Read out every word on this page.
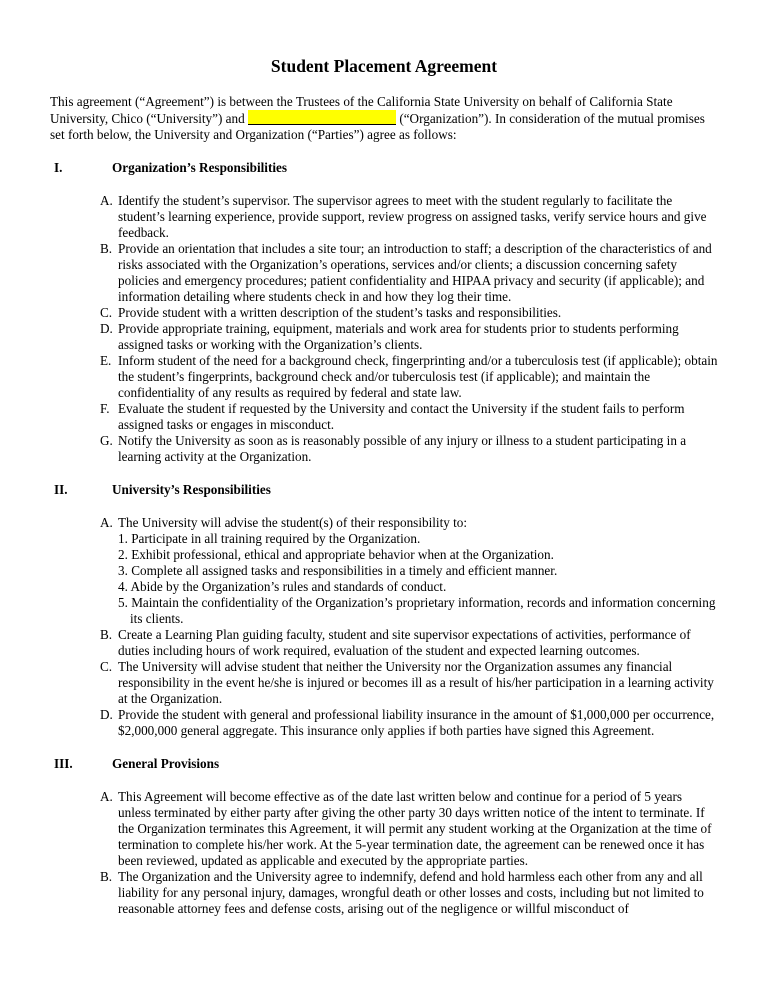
Student Placement Agreement

This agreement (“Agreement”) is between the Trustees of the California State University on behalf of California State University, Chico (“University”) and	(“Organization”). In consideration of the mutual promises set forth below, the University and Organization (“Parties”) agree as follows:

I.	Organization’s Responsibilities
A. Identify the student’s supervisor. The supervisor agrees to meet with the student regularly to facilitate the student’s learning experience, provide support, review progress on assigned tasks, verify service hours and give feedback.
B. Provide an orientation that includes a site tour; an introduction to staff; a description of the characteristics of and risks associated with the Organization’s operations, services and/or clients; a discussion concerning safety policies and emergency procedures; patient confidentiality and HIPAA privacy and security (if applicable); and information detailing where students check in and how they log their time.
C. Provide student with a written description of the student’s tasks and responsibilities.
D. Provide appropriate training, equipment, materials and work area for students prior to students performing assigned tasks or working with the Organization’s clients.
E. Inform student of the need for a background check, fingerprinting and/or a tuberculosis test (if applicable); obtain the student’s fingerprints, background check and/or tuberculosis test (if applicable); and maintain the confidentiality of any results as required by federal and state law.
F. Evaluate the student if requested by the University and contact the University if the student fails to perform assigned tasks or engages in misconduct.
G. Notify the University as soon as is reasonably possible of any injury or illness to a student participating in a learning activity at the Organization.
II.	University’s Responsibilities
A. The University will advise the student(s) of their responsibility to:
1. Participate in all training required by the Organization.
2. Exhibit professional, ethical and appropriate behavior when at the Organization.
3. Complete all assigned tasks and responsibilities in a timely and efficient manner.
4. Abide by the Organization’s rules and standards of conduct.
5. Maintain the confidentiality of the Organization’s proprietary information, records and information concerning its clients.
B. Create a Learning Plan guiding faculty, student and site supervisor expectations of activities, performance of duties including hours of work required, evaluation of the student and expected learning outcomes.
C. The University will advise student that neither the University nor the Organization assumes any financial responsibility in the event he/she is injured or becomes ill as a result of his/her participation in a learning activity at the Organization.
D. Provide the student with general and professional liability insurance in the amount of $1,000,000 per occurrence, $2,000,000 general aggregate. This insurance only applies if both parties have signed this Agreement.
III.	General Provisions
A. This Agreement will become effective as of the date last written below and continue for a period of 5 years unless terminated by either party after giving the other party 30 days written notice of the intent to terminate. If the Organization terminates this Agreement, it will permit any student working at the Organization at the time of termination to complete his/her work. At the 5-year termination date, the agreement can be renewed once it has been reviewed, updated as applicable and executed by the appropriate parties.
B. The Organization and the University agree to indemnify, defend and hold harmless each other from any and all liability for any personal injury, damages, wrongful death or other losses and costs, including but not limited to reasonable attorney fees and defense costs, arising out of the negligence or willful misconduct of
